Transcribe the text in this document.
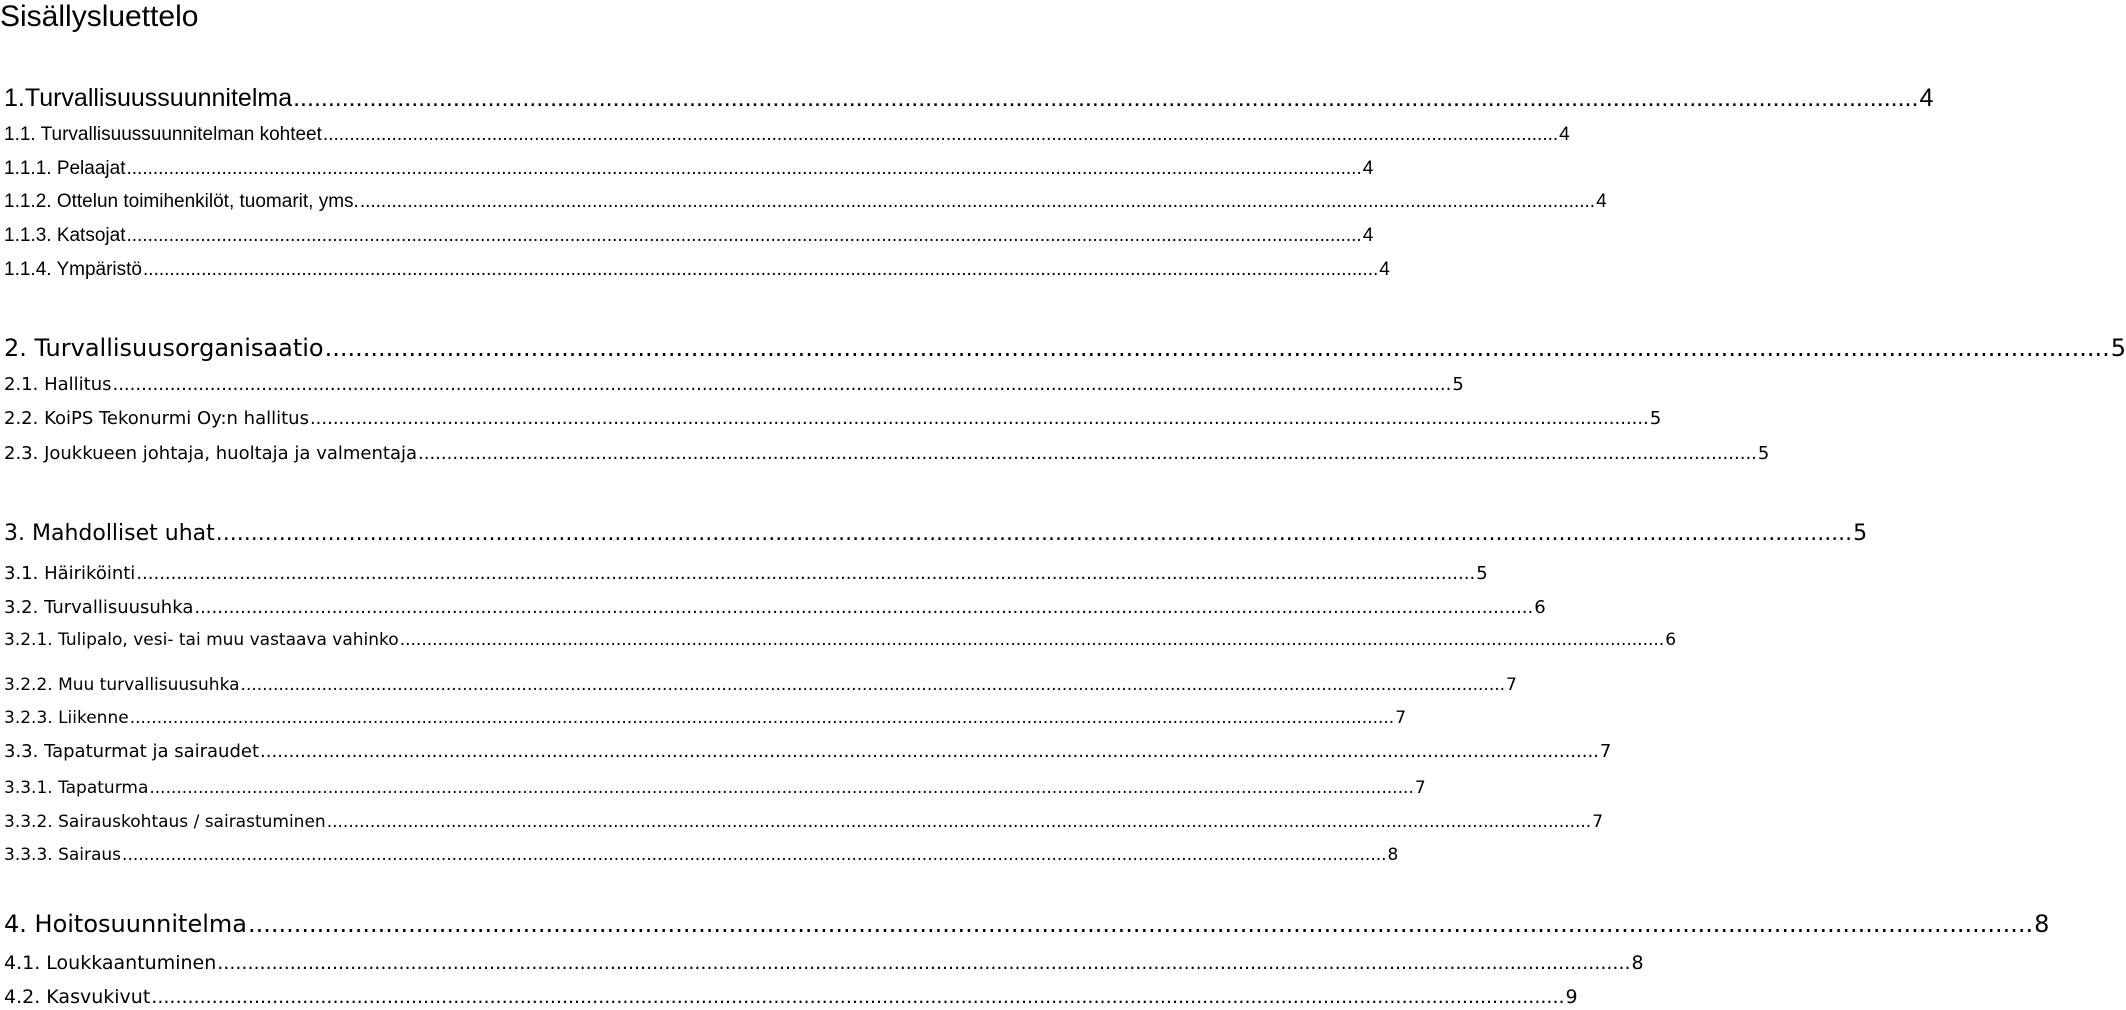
Sisällysluettelo
1.Turvallisuussuunnitelma .....	4
1.1. Turvallisuussuunnitelman kohteet .....	4
1.1.1. Pelaajat .....	4
1.1.2. Ottelun toimihenkilöt, tuomarit, yms. .....	4
1.1.3. Katsojat .....	4
1.1.4. Ympäristö .....	4
2. Turvallisuusorganisaatio .....	5
2.1. Hallitus .....	5
2.2. KoiPS Tekonurmi Oy:n hallitus .....	5
2.3. Joukkueen johtaja, huoltaja ja valmentaja .....	5
3. Mahdolliset uhat .....	5
3.1. Häiriköinti .....	5
3.2. Turvallisuusuhka .....	6
3.2.1. Tulipalo, vesi- tai muu vastaava vahinko .....	6
3.2.2. Muu turvallisuusuhka .....	7
3.2.3. Liikenne .....	7
3.3. Tapaturmat ja sairaudet .....	7
3.3.1. Tapaturma .....	7
3.3.2. Sairauskohtaus / sairastuminen .....	7
3.3.3. Sairaus .....	8
4. Hoitosuunnitelma .....	8
4.1. Loukkaantuminen .....	8
4.2. Kasvukivut .....	9
